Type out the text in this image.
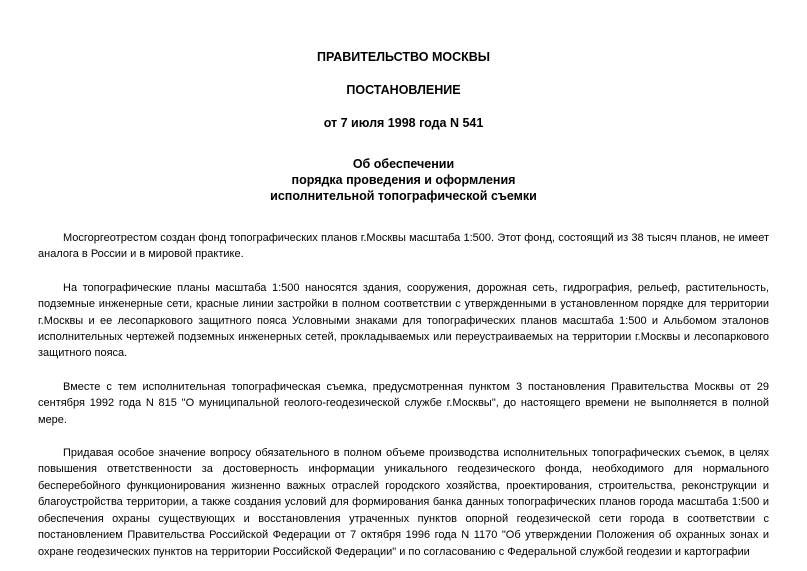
ПРАВИТЕЛЬСТВО МОСКВЫ

ПОСТАНОВЛЕНИЕ

от 7 июля 1998 года N 541

Об обеспечении
порядка проведения и оформления
исполнительной топографической съемки

Мосгоргеотрестом создан фонд топографических планов г.Москвы масштаба 1:500. Этот фонд, состоящий из 38 тысяч планов, не имеет аналога в России и в мировой практике.

На топографические планы масштаба 1:500 наносятся здания, сооружения, дорожная сеть, гидрография, рельеф, растительность, подземные инженерные сети, красные линии застройки в полном соответствии с утвержденными в установленном порядке для территории г.Москвы и ее лесопаркового защитного пояса Условными знаками для топографических планов масштаба 1:500 и Альбомом эталонов исполнительных чертежей подземных инженерных сетей, прокладываемых или переустраиваемых на территории г.Москвы и лесопаркового защитного пояса.

Вместе с тем исполнительная топографическая съемка, предусмотренная пунктом 3 постановления Правительства Москвы от 29 сентября 1992 года N 815 "О муниципальной геолого-геодезической службе г.Москвы", до настоящего времени не выполняется в полной мере.

Придавая особое значение вопросу обязательного в полном объеме производства исполнительных топографических съемок, в целях повышения ответственности за достоверность информации уникального геодезического фонда, необходимого для нормального бесперебойного функционирования жизненно важных отраслей городского хозяйства, проектирования, строительства, реконструкции и благоустройства территории, а также создания условий для формирования банка данных топографических планов города масштаба 1:500 и обеспечения охраны существующих и восстановления утраченных пунктов опорной геодезической сети города в соответствии с постановлением Правительства Российской Федерации от 7 октября 1996 года N 1170 "Об утверждении Положения об охранных зонах и охране геодезических пунктов на территории Российской Федерации" и по согласованию с Федеральной службой геодезии и картографии
